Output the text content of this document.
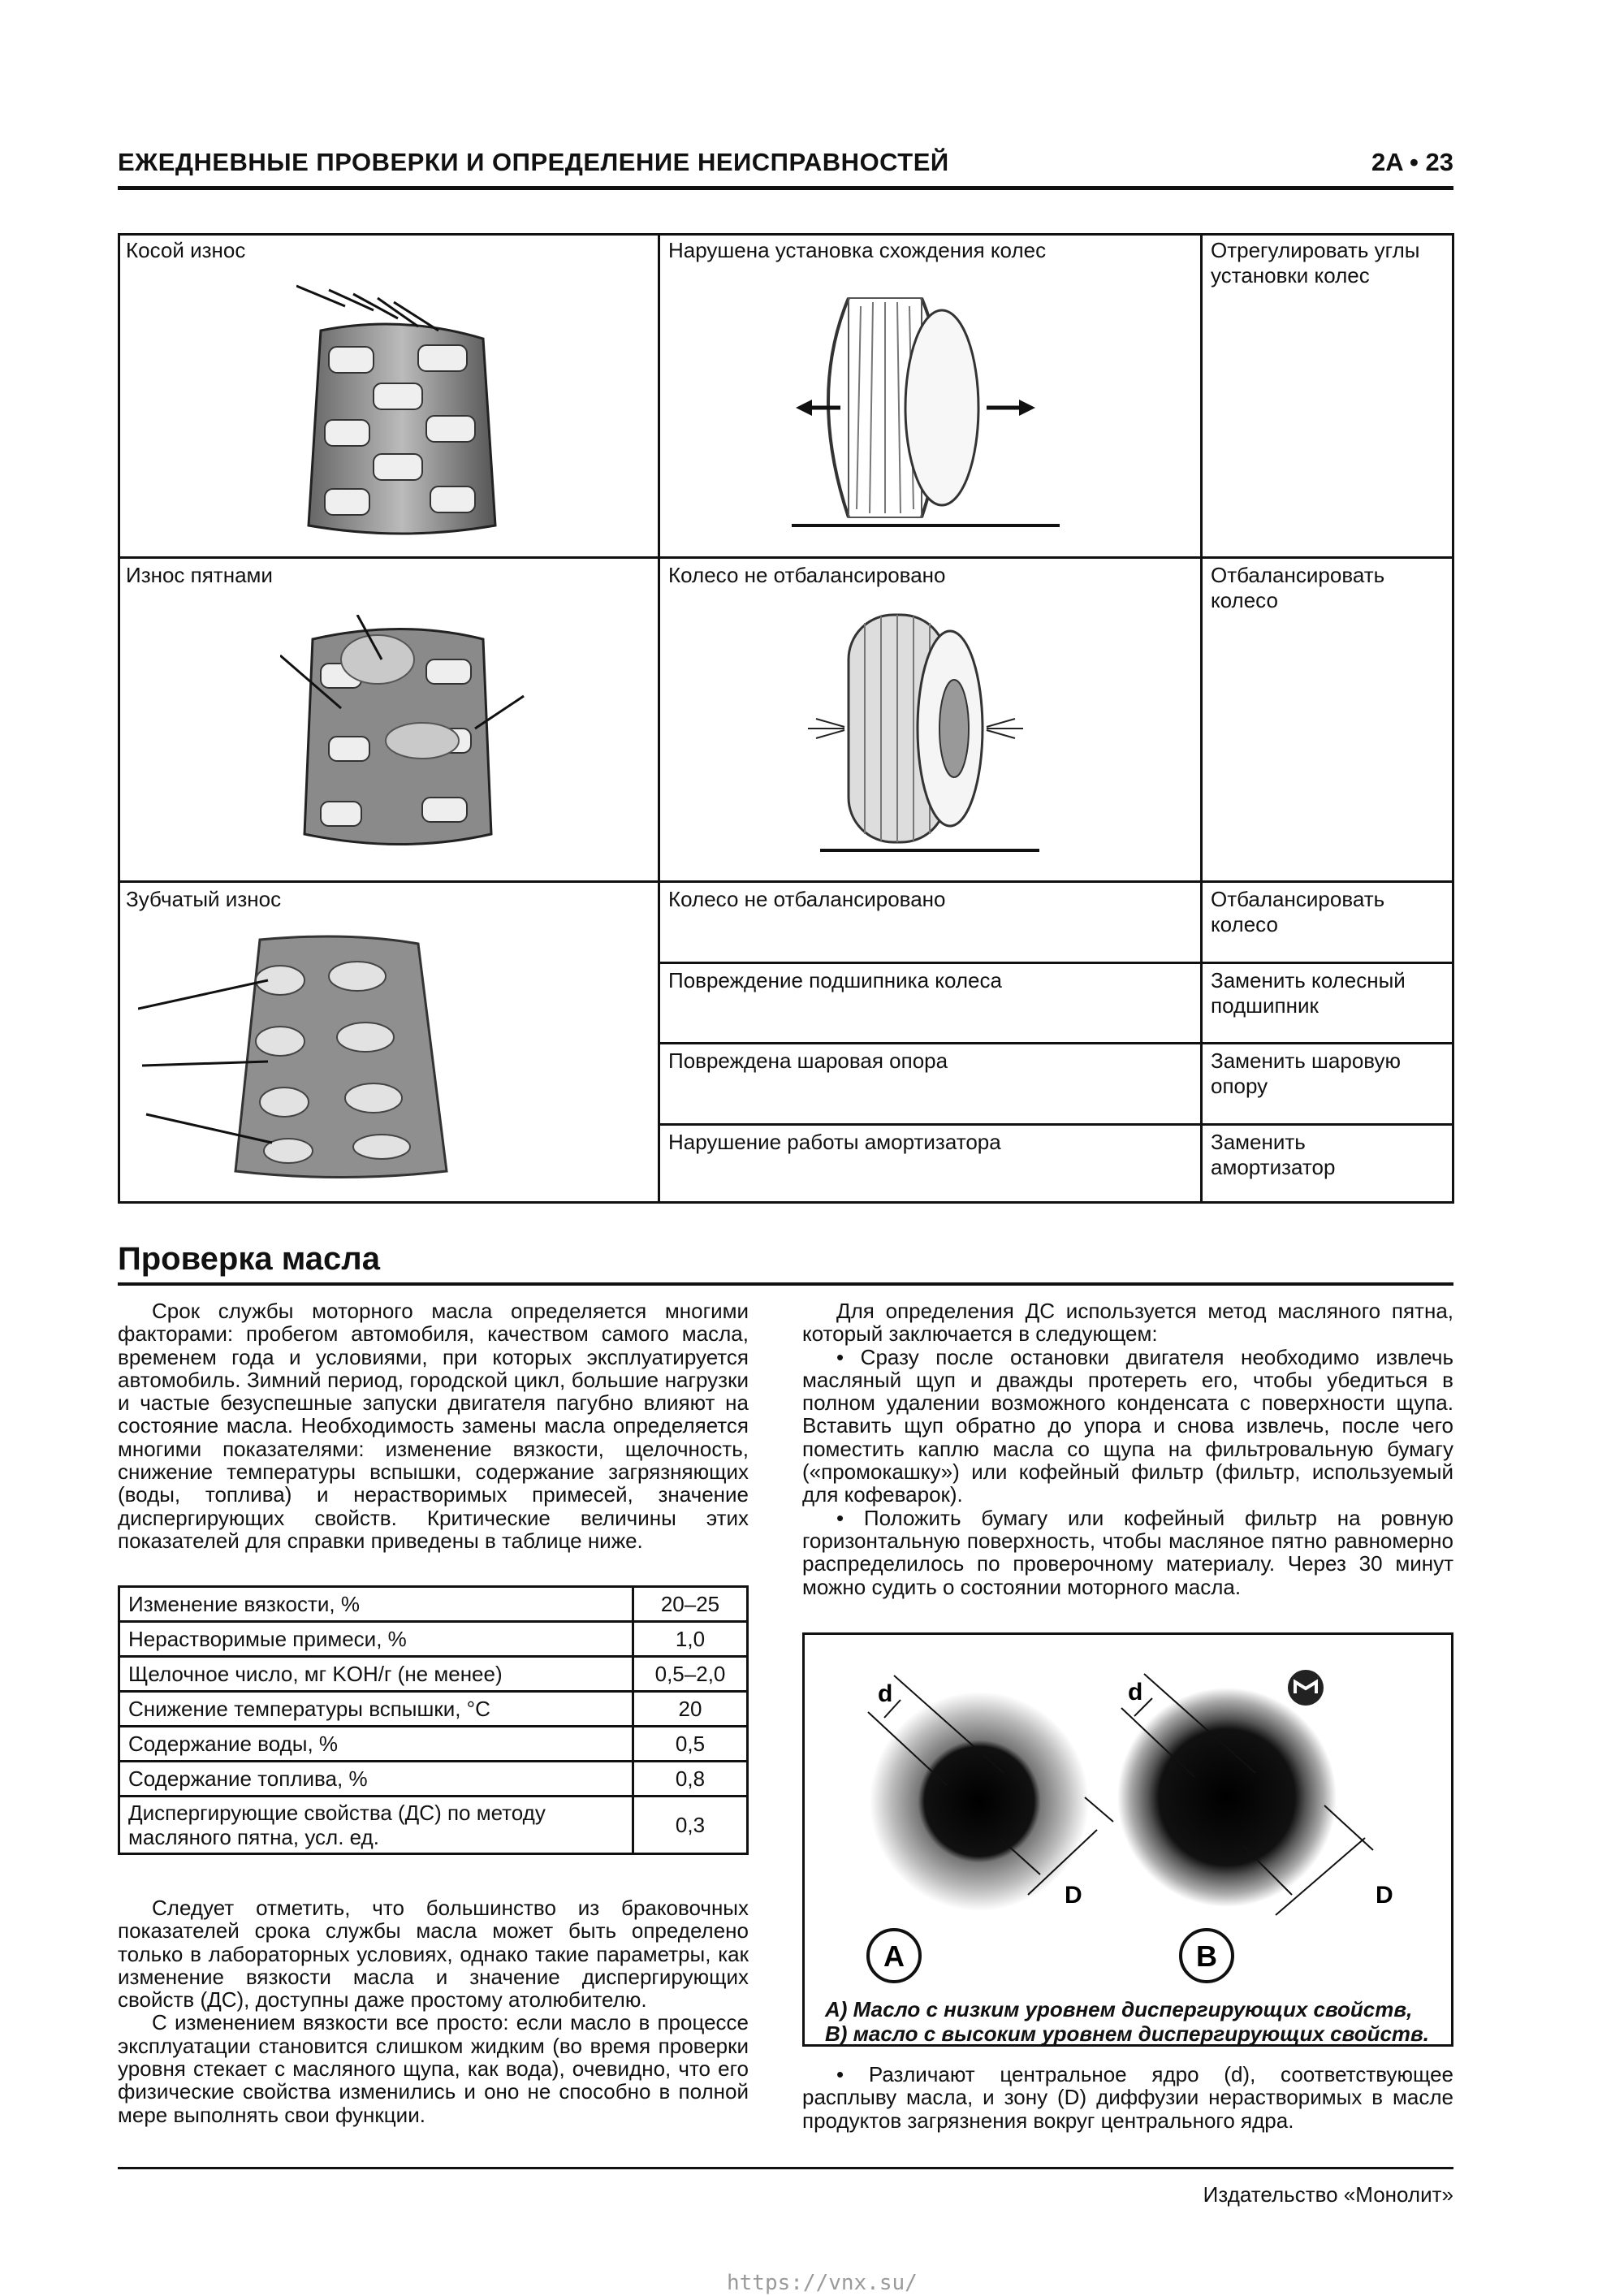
ЕЖЕДНЕВНЫЕ ПРОВЕРКИ И ОПРЕДЕЛЕНИЕ НЕИСПРАВНОСТЕЙ	2A • 23
Косой износ	Нарушена установка схождения колес	Отрегулировать углы установки колес
Износ пятнами	Колесо не отбалансировано	Отбалансировать колесо
Зубчатый износ	Колесо не отбалансировано	Отбалансировать колесо
Повреждение подшипника колеса	Заменить колесный подшипник
Повреждена шаровая опора	Заменить шаровую опору
Нарушение работы амортизатора	Заменить амортизатор
Проверка масла

Срок службы моторного масла определяется многими факторами: пробегом автомобиля, качеством самого масла, временем года и условиями, при которых эксплуатируется автомобиль. Зимний период, городской цикл, большие нагрузки и частые безуспешные запуски двигателя пагубно влияют на состояние масла. Необходимость замены масла определяется многими показателями: изменение вязкости, щелочность, снижение температуры вспышки, содержание загрязняющих (воды, топлива) и нерастворимых примесей, значение диспергирующих свойств. Критические величины этих показателей для справки приведены в таблице ниже.

Изменение вязкости, %	20–25
Нерастворимые примеси, %	1,0
Щелочное число, мг KOH/г (не менее)	0,5–2,0
Снижение температуры вспышки, °С	20
Содержание воды, %	0,5
Содержание топлива, %	0,8
Диспергирующие свойства (ДС) по методу масляного пятна, усл. ед.	0,3

Следует отметить, что большинство из браковочных показателей срока службы масла может быть определено только в лабораторных условиях, однако такие параметры, как изменение вязкости масла и значение диспергирующих свойств (ДС), доступны даже простому атолюбителю.

С изменением вязкости все просто: если масло в процессе эксплуатации становится слишком жидким (во время проверки уровня стекает с масляного щупа, как вода), очевидно, что его физические свойства изменились и оно не способно в полной мере выполнять свои функции.

Для определения ДС используется метод масляного пятна, который заключается в следующем:

• Сразу после остановки двигателя необходимо извлечь масляный щуп и дважды протереть его, чтобы убедиться в полном удалении возможного конденсата с поверхности щупа. Вставить щуп обратно до упора и снова извлечь, после чего поместить каплю масла со щупа на фильтровальную бумагу («промокашку») или кофейный фильтр (фильтр, используемый для кофеварок).

• Положить бумагу или кофейный фильтр на ровную горизонтальную поверхность, чтобы масляное пятно равномерно распределилось по проверочному материалу. Через 30 минут можно судить о состоянии моторного масла.

d
D
A
d
D
B
А) Масло с низким уровнем диспергирующих свойств,
В) масло с высоким уровнем диспергирующих свойств.

• Различают центральное ядро (d), соответствующее расплыву масла, и зону (D) диффузии нерастворимых в масле продуктов загрязнения вокруг центрального ядра.

Издательство «Монолит»
https://vnx.su/
